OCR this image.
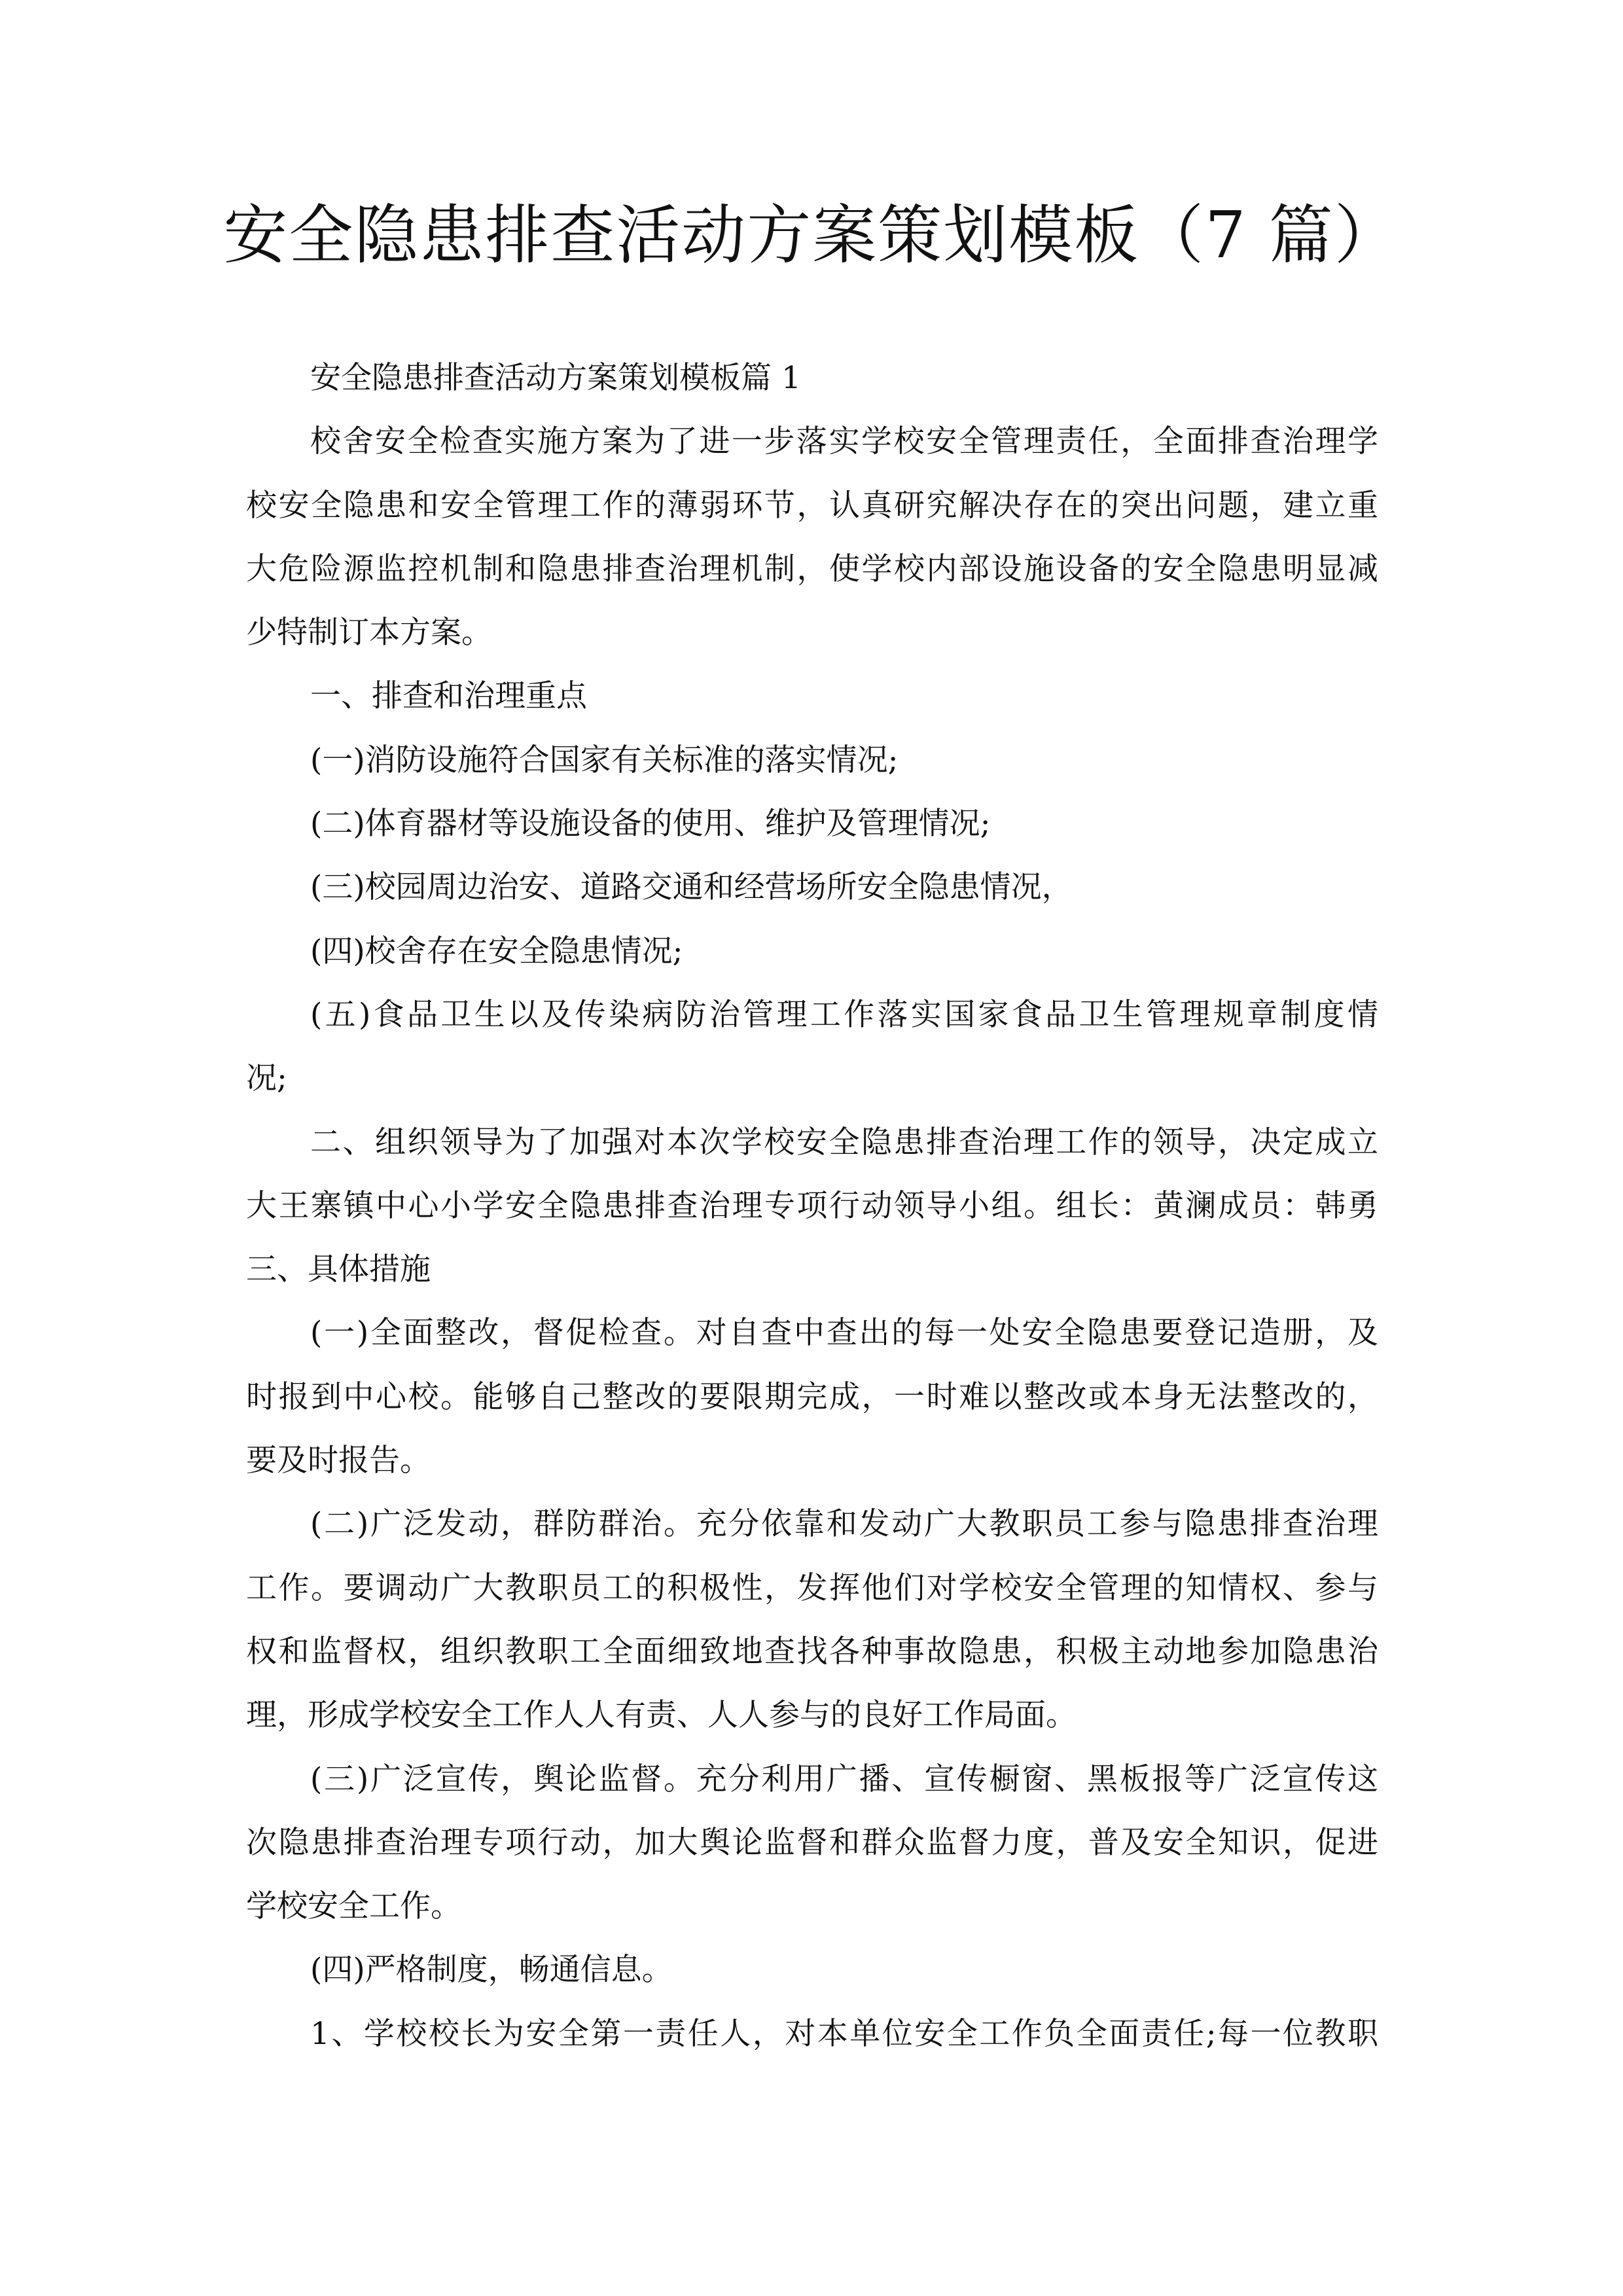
安全隐患排查活动方案策划模板（7 篇）
安全隐患排查活动方案策划模板篇 1
校舍安全检查实施方案为了进一步落实学校安全管理责任，全面排查治理学
校安全隐患和安全管理工作的薄弱环节，认真研究解决存在的突出问题，建立重
大危险源监控机制和隐患排查治理机制，使学校内部设施设备的安全隐患明显减
少特制订本方案。
一、排查和治理重点
(一)消防设施符合国家有关标准的落实情况;
(二)体育器材等设施设备的使用、维护及管理情况;
(三)校园周边治安、道路交通和经营场所安全隐患情况，
(四)校舍存在安全隐患情况;
(五)食品卫生以及传染病防治管理工作落实国家食品卫生管理规章制度情
况;
二、组织领导为了加强对本次学校安全隐患排查治理工作的领导，决定成立
大王寨镇中心小学安全隐患排查治理专项行动领导小组。组长：黄澜成员：韩勇
三、具体措施
(一)全面整改，督促检查。对自查中查出的每一处安全隐患要登记造册，及
时报到中心校。能够自己整改的要限期完成，一时难以整改或本身无法整改的，
要及时报告。
(二)广泛发动，群防群治。充分依靠和发动广大教职员工参与隐患排查治理
工作。要调动广大教职员工的积极性，发挥他们对学校安全管理的知情权、参与
权和监督权，组织教职工全面细致地查找各种事故隐患，积极主动地参加隐患治
理，形成学校安全工作人人有责、人人参与的良好工作局面。
(三)广泛宣传，舆论监督。充分利用广播、宣传橱窗、黑板报等广泛宣传这
次隐患排查治理专项行动，加大舆论监督和群众监督力度，普及安全知识，促进
学校安全工作。
(四)严格制度，畅通信息。
1、学校校长为安全第一责任人，对本单位安全工作负全面责任;每一位教职
